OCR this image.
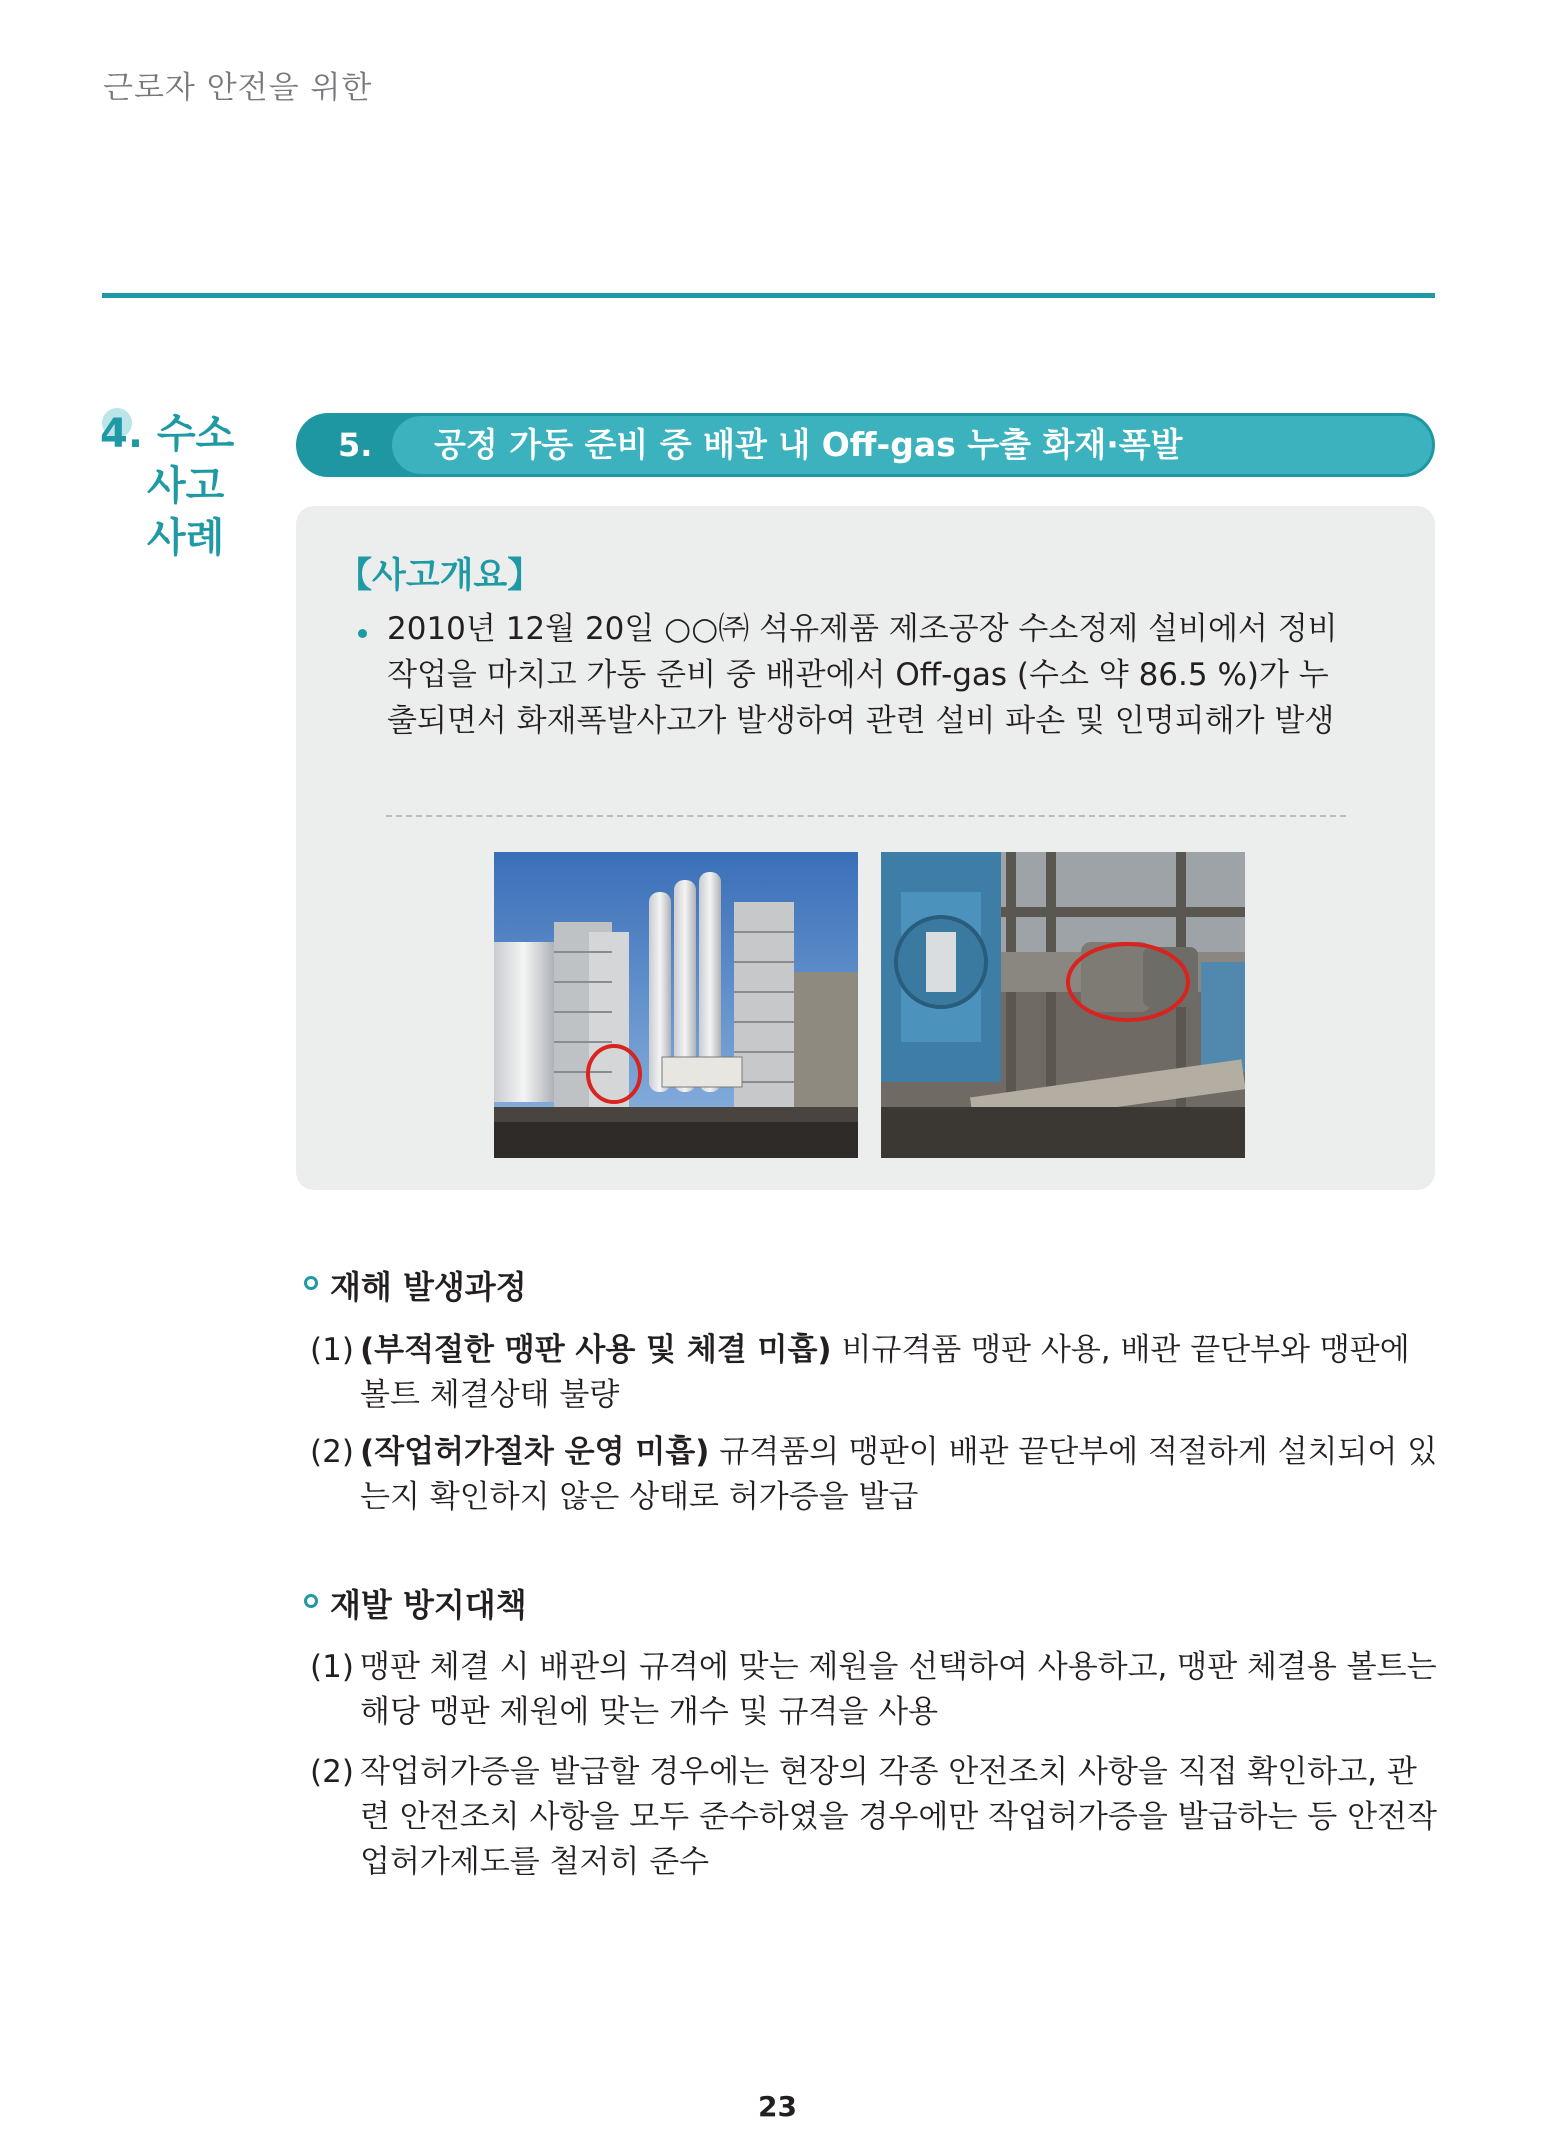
근로자 안전을 위한
4. 수소
사고
사례
5. 공정 가동 준비 중 배관 내 Off-gas 누출 화재·폭발
【사고개요】

2010년 12월 20일 ○○㈜ 석유제품 제조공장 수소정제 설비에서 정비작업을 마치고 가동 준비 중 배관에서 Off-gas (수소 약 86.5 %)가 누출되면서 화재폭발사고가 발생하여 관련 설비 파손 및 인명피해가 발생

재해 발생과정
(1) (부적절한 맹판 사용 및 체결 미흡) 비규격품 맹판 사용, 배관 끝단부와 맹판에 볼트 체결상태 불량
(2) (작업허가절차 운영 미흡) 규격품의 맹판이 배관 끝단부에 적절하게 설치되어 있는지 확인하지 않은 상태로 허가증을 발급
재발 방지대책
(1) 맹판 체결 시 배관의 규격에 맞는 제원을 선택하여 사용하고, 맹판 체결용 볼트는 해당 맹판 제원에 맞는 개수 및 규격을 사용
(2) 작업허가증을 발급할 경우에는 현장의 각종 안전조치 사항을 직접 확인하고, 관련 안전조치 사항을 모두 준수하였을 경우에만 작업허가증을 발급하는 등 안전작업허가제도를 철저히 준수
23
